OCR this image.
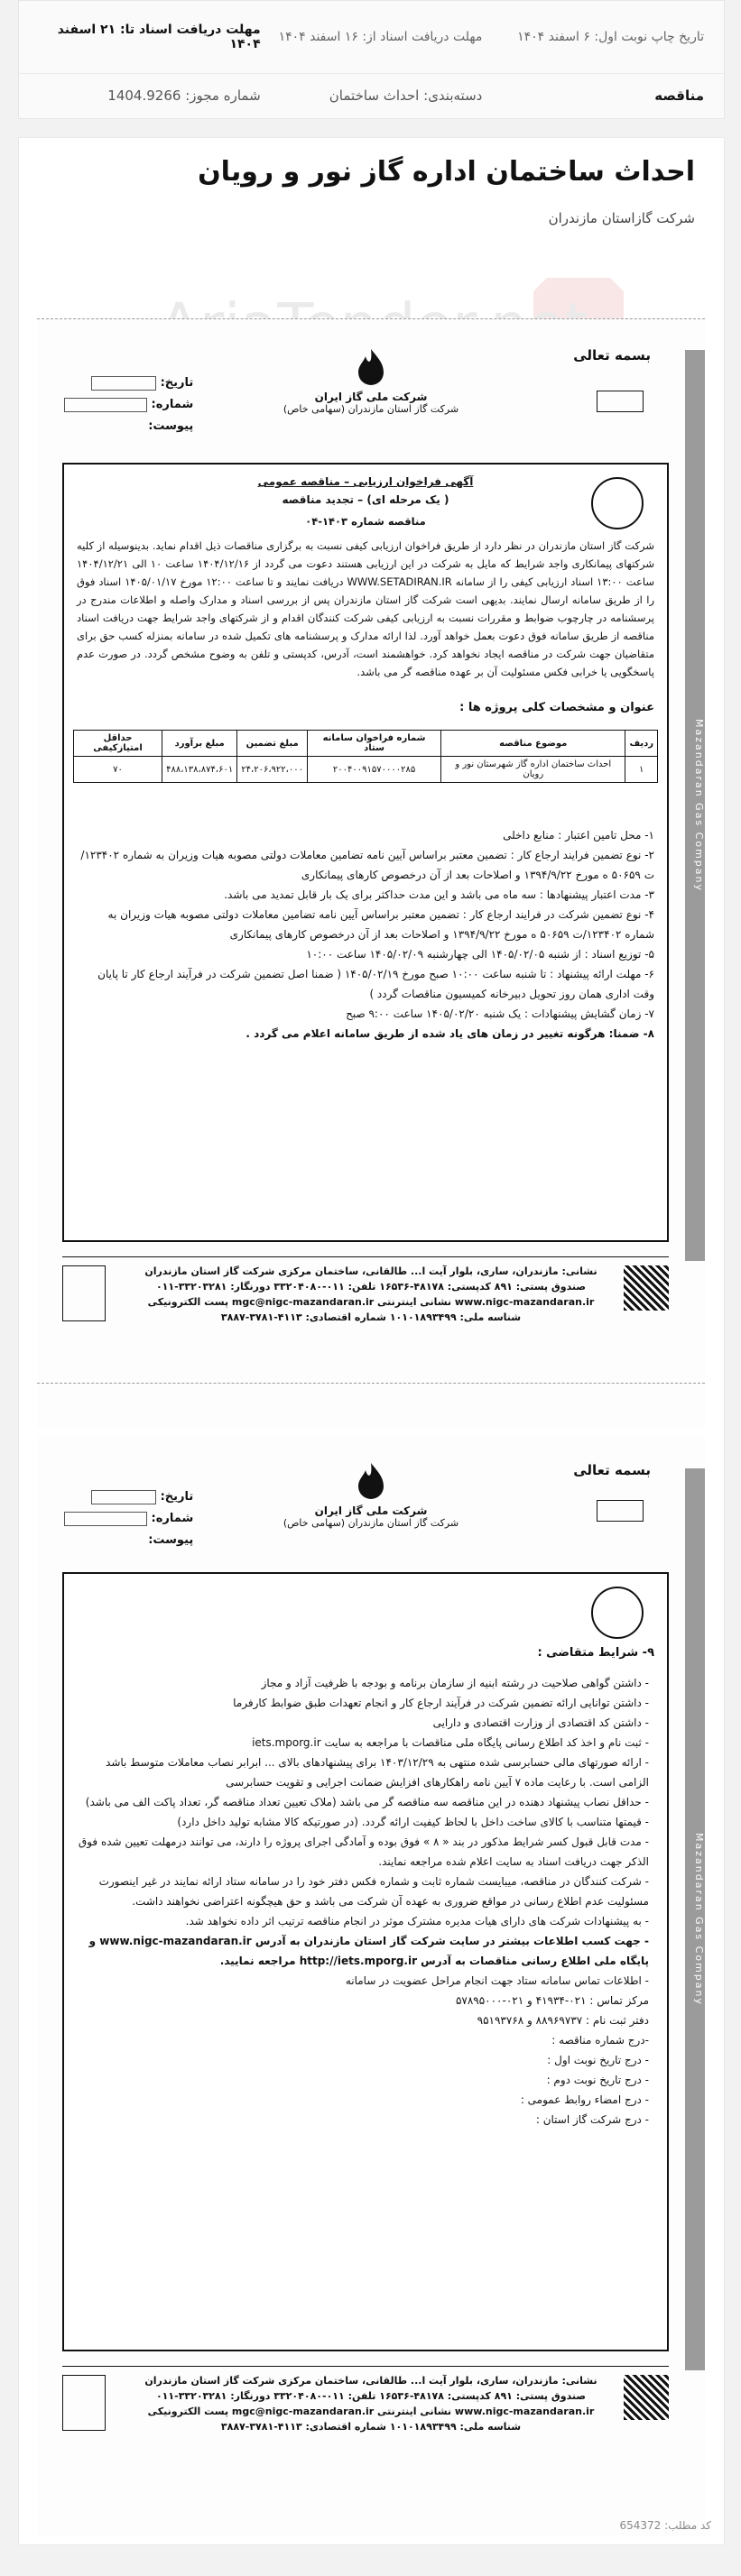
تاریخ چاپ نوبت اول: ۶ اسفند ۱۴۰۴
مهلت دریافت اسناد از: ۱۶ اسفند ۱۴۰۴
مهلت دریافت اسناد تا: ۲۱ اسفند ۱۴۰۴
مناقصه
دسته‌بندی: احداث ساختمان
شماره مجوز: 1404.9266
احداث ساختمان اداره گاز نور و رویان
شرکت گازاستان مازندران
بسمه تعالی
Mazandaran Gas Company
تاریخ:
شماره:
پیوست:
شرکت ملی گاز ایران
شرکت گاز استان مازندران (سهامی خاص)
آگهی فراخوان ارزیابی – مناقصه عمومی
( یک مرحله ای) – تجدید مناقصه
مناقصه شماره ۱۴۰۳-۰۴
شرکت گاز استان مازندران در نظر دارد از طریق فراخوان ارزیابی کیفی نسبت به برگزاری مناقصات ذیل اقدام نماید. بدینوسیله از کلیه شرکتهای پیمانکاری واجد شرایط که مایل به شرکت در این ارزیابی هستند دعوت می گردد از ۱۴۰۴/۱۲/۱۶ ساعت ۱۰ الی ۱۴۰۴/۱۲/۲۱ ساعت ۱۳:۰۰ اسناد ارزیابی کیفی را از سامانه WWW.SETADIRAN.IR دریافت نمایند و تا ساعت ۱۲:۰۰ مورخ ۱۴۰۵/۰۱/۱۷ اسناد فوق را از طریق سامانه ارسال نمایند. بدیهی است شرکت گاز استان مازندران پس از بررسی اسناد و مدارک واصله و اطلاعات مندرج در پرسشنامه در چارچوب ضوابط و مقررات نسبت به ارزیابی کیفی شرکت کنندگان اقدام و از شرکتهای واجد شرایط جهت دریافت اسناد مناقصه از طریق سامانه فوق دعوت بعمل خواهد آورد. لذا ارائه مدارک و پرسشنامه های تکمیل شده در سامانه بمنزله کسب حق برای متقاضیان جهت شرکت در مناقصه ایجاد نخواهد کرد. خواهشمند است، آدرس، کدپستی و تلفن به وضوح مشخص گردد. در صورت عدم پاسخگویی یا خرابی فکس مسئولیت آن بر عهده مناقصه گر می باشد.
عنوان و مشخصات کلی پروژه ها :
ردیف	موضوع مناقصه	شماره فراخوان سامانه ستاد	مبلغ تضمین	مبلغ برآورد	حداقل امتیازکیفی
۱	احداث ساختمان اداره گاز شهرستان نور و رویان	۲۰۰۴۰۰۹۱۵۷۰۰۰۰۲۸۵	۲۴،۲۰۶،۹۲۲،۰۰۰	۴۸۸،۱۳۸،۸۷۴،۶۰۱	۷۰
۱- محل تامین اعتبار : منابع داخلی
۲- نوع تضمین فرایند ارجاع کار : تضمین معتبر براساس آیین نامه تضامین معاملات دولتی مصوبه هیات وزیران به شماره ۱۲۳۴۰۲/ت ۵۰۶۵۹ ه مورخ ۱۳۹۴/۹/۲۲ و اصلاحات بعد از آن درخصوص کارهای پیمانکاری
۳- مدت اعتبار پیشنهادها : سه ماه می باشد و این مدت حداکثر برای یک بار قابل تمدید می باشد.
۴- نوع تضمین شرکت در فرایند ارجاع کار : تضمین معتبر براساس آیین نامه تضامین معاملات دولتی مصوبه هیات وزیران به شماره ۱۲۳۴۰۲/ت ۵۰۶۵۹ ه مورخ ۱۳۹۴/۹/۲۲ و اصلاحات بعد از آن درخصوص کارهای پیمانکاری
۵- توزیع اسناد : از شنبه ۱۴۰۵/۰۲/۰۵ الی چهارشنبه ۱۴۰۵/۰۲/۰۹ ساعت ۱۰:۰۰
۶- مهلت ارائه پیشنهاد : تا شنبه ساعت ۱۰:۰۰ صبح مورخ ۱۴۰۵/۰۲/۱۹ ( ضمنا اصل تضمین شرکت در فرآیند ارجاع کار تا پایان وقت اداری همان روز تحویل دبیرخانه کمیسیون مناقصات گردد )
۷- زمان گشایش پیشنهادات : یک شنبه ۱۴۰۵/۰۲/۲۰ ساعت ۹:۰۰ صبح
۸- ضمنا: هرگونه تغییر در زمان های یاد شده از طریق سامانه اعلام می گردد .
نشانی: مازندران، ساری، بلوار آیت ا... طالقانی، ساختمان مرکزی شرکت گاز استان مازندران
صندوق پستی: ۸۹۱ کدپستی: ۴۸۱۷۸-۱۶۵۳۶ تلفن: ۰۱۱-۳۳۲۰۴۰۸۰ دورنگار: ۳۳۲۰۳۲۸۱-۰۱۱
www.nigc-mazandaran.ir نشانی اینترنتی mgc@nigc-mazandaran.ir پست الکترونیکی
شناسه ملی: ۱۰۱۰۱۸۹۳۴۹۹ شماره اقتصادی: ۴۱۱۳-۳۷۸۱-۳۸۸۷
بسمه تعالی
Mazandaran Gas Company
تاریخ:
شماره:
پیوست:
شرکت ملی گاز ایران
شرکت گاز استان مازندران (سهامی خاص)
۹- شرایط متقاضی :
- داشتن گواهی صلاحیت در رشته ابنیه از سازمان برنامه و بودجه با ظرفیت آزاد و مجاز
- داشتن توانایی ارائه تضمین شرکت در فرآیند ارجاع کار و انجام تعهدات طبق ضوابط کارفرما
- داشتن کد اقتصادی از وزارت اقتصادی و دارایی
- ثبت نام و اخذ کد اطلاع رسانی پایگاه ملی مناقصات با مراجعه به سایت iets.mporg.ir
- ارائه صورتهای مالی حسابرسی شده منتهی به ۱۴۰۳/۱۲/۲۹ برای پیشنهادهای بالای ... ابرابر نصاب معاملات متوسط باشد الزامی است. با رعایت ماده ۷ آیین نامه راهکارهای افزایش ضمانت اجرایی و تقویت حسابرسی
- حداقل نصاب پیشنهاد دهنده در این مناقصه سه مناقصه گر می باشد (ملاک تعیین تعداد مناقصه گر، تعداد پاکت الف می باشد)
- قیمتها متناسب با کالای ساخت داخل با لحاظ کیفیت ارائه گردد. (در صورتیکه کالا مشابه تولید داخل دارد)
- مدت قابل قبول کسر شرایط مذکور در بند « ۸ » فوق بوده و آمادگی اجرای پروژه را دارند، می توانند درمهلت تعیین شده فوق الذکر جهت دریافت اسناد به سایت اعلام شده مراجعه نمایند.
- شرکت کنندگان در مناقصه، میبایست شماره ثابت و شماره فکس دفتر خود را در سامانه ستاد ارائه نمایند در غیر اینصورت مسئولیت عدم اطلاع رسانی در مواقع ضروری به عهده آن شرکت می باشد و حق هیچگونه اعتراضی نخواهند داشت.
- به پیشنهادات شرکت های دارای هیات مدیره مشترک موثر در انجام مناقصه ترتیب اثر داده نخواهد شد.
- جهت کسب اطلاعات بیشتر در سایت شرکت گاز استان مازندران به آدرس www.nigc-mazandaran.ir و پایگاه ملی اطلاع رسانی مناقصات به آدرس http://iets.mporg.ir مراجعه نمایید.
- اطلاعات تماس سامانه ستاد جهت انجام مراحل عضویت در سامانه
مرکز تماس : ۰۲۱-۴۱۹۳۴ و ۰۲۱-۵۷۸۹۵۰۰۰
دفتر ثبت نام : ۸۸۹۶۹۷۳۷ و ۹۵۱۹۳۷۶۸
-درج شماره مناقصه :
- درج تاریخ نوبت اول :
- درج تاریخ نوبت دوم :
- درج امضاء روابط عمومی :
- درج شرکت گاز استان :
نشانی: مازندران، ساری، بلوار آیت ا... طالقانی، ساختمان مرکزی شرکت گاز استان مازندران
صندوق پستی: ۸۹۱ کدپستی: ۴۸۱۷۸-۱۶۵۳۶ تلفن: ۰۱۱-۳۳۲۰۴۰۸۰ دورنگار: ۳۳۲۰۳۲۸۱-۰۱۱
www.nigc-mazandaran.ir نشانی اینترنتی mgc@nigc-mazandaran.ir پست الکترونیکی
شناسه ملی: ۱۰۱۰۱۸۹۳۴۹۹ شماره اقتصادی: ۴۱۱۳-۳۷۸۱-۳۸۸۷
کد مطلب: 654372
